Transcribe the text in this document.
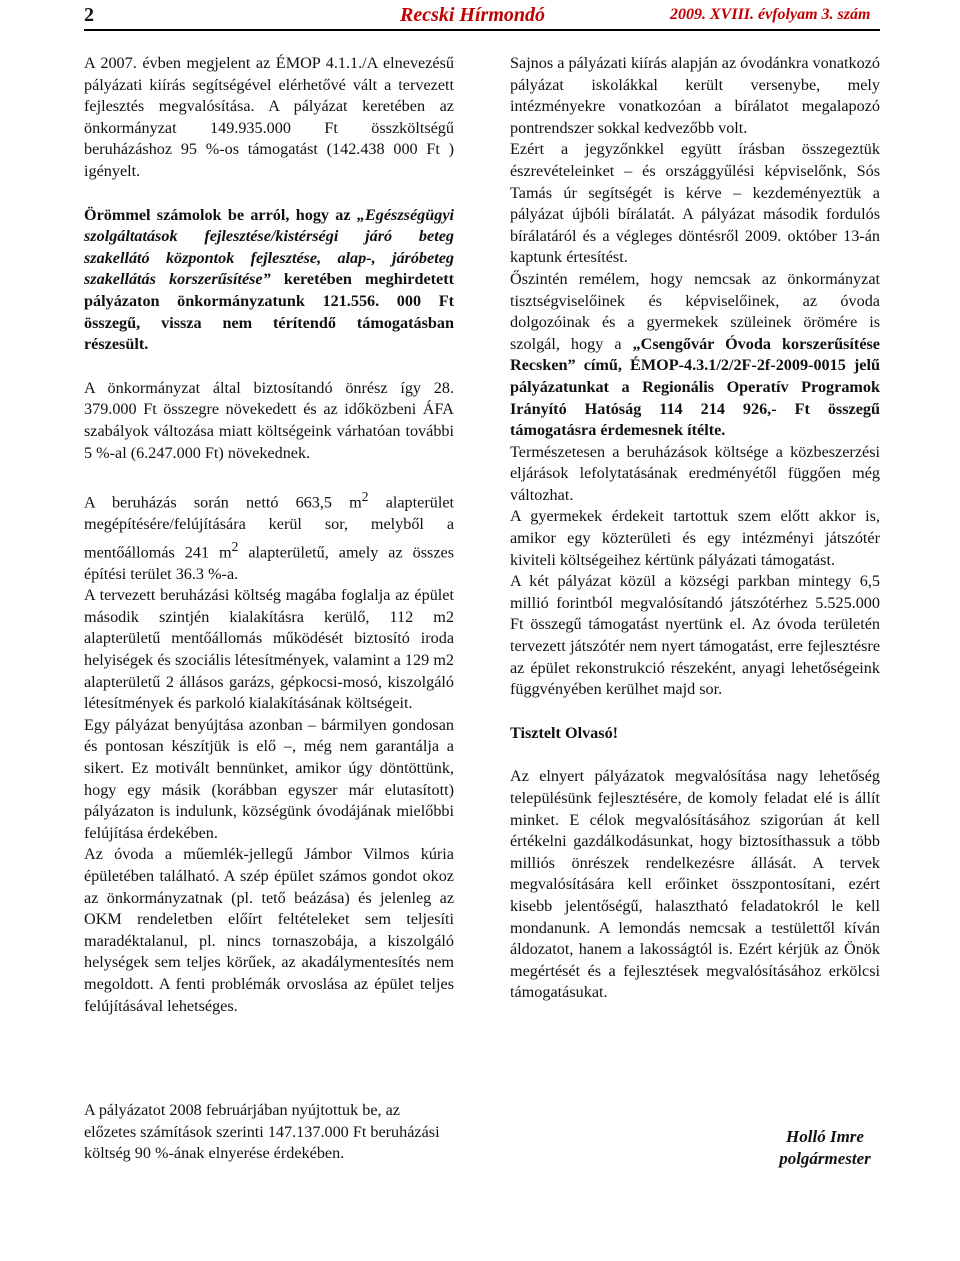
2	Recski Hírmondó	2009. XVIII. évfolyam 3. szám

A 2007. évben megjelent az ÉMOP 4.1.1./A elnevezésű pályázati kiírás segítségével elérhetővé vált a tervezett fejlesztés megvalósítása. A pályázat keretében az önkormányzat 149.935.000 Ft összköltségű beruházáshoz 95 %-os támogatást (142.438 000 Ft ) igényelt.

Örömmel számolok be arról, hogy az „Egészségügyi szolgáltatások fejlesztése/kistérségi járó beteg szakellátó központok fejlesztése, alap-, járóbeteg szakellátás korszerűsítése” keretében meghirdetett pályázaton önkormányzatunk 121.556. 000 Ft összegű, vissza nem térítendő támogatásban részesült.

A önkormányzat által biztosítandó önrész így 28. 379.000 Ft összegre növekedett és az időközbeni ÁFA szabályok változása miatt költségeink várhatóan további 5 %-al (6.247.000 Ft) növekednek.

A beruházás során nettó 663,5 $m^2$ alapterület megépítésére/felújítására kerül sor, melyből a mentőállomás 241 $m^2$ alapterületű, amely az összes építési terület 36.3 %-a.

A tervezett beruházási költség magába foglalja az épület második szintjén kialakításra kerülő, 112 m2 alapterületű mentőállomás működését biztosító iroda helyiségek és szociális létesítmények, valamint a 129 m2 alapterületű 2 állásos garázs, gépkocsi-mosó, kiszolgáló létesítmények és parkoló kialakításának költségeit.

Egy pályázat benyújtása azonban – bármilyen gondosan és pontosan készítjük is elő –, még nem garantálja a sikert. Ez motivált bennünket, amikor úgy döntöttünk, hogy egy másik (korábban egyszer már elutasított) pályázaton is indulunk, községünk óvodájának mielőbbi felújítása érdekében.

Az óvoda a műemlék-jellegű Jámbor Vilmos kúria épületében található. A szép épület számos gondot okoz az önkormányzatnak (pl. tető beázása) és jelenleg az OKM rendeletben előírt feltételeket sem teljesíti maradéktalanul, pl. nincs tornaszobája, a kiszolgáló helységek sem teljes körűek, az akadálymentesítés nem megoldott. A fenti problémák orvoslása az épület teljes felújításával lehetséges.

A pályázatot 2008 februárjában nyújtottuk be, az előzetes számítások szerinti 147.137.000 Ft beruházási költség 90 %-ának elnyerése érdekében.

Sajnos a pályázati kiírás alapján az óvodánkra vonatkozó pályázat iskolákkal került versenybe, mely intézményekre vonatkozóan a bírálatot megalapozó pontrendszer sokkal kedvezőbb volt.

Ezért a jegyzőnkkel együtt írásban összegeztük észrevételeinket – és országgyűlési képviselőnk, Sós Tamás úr segítségét is kérve – kezdeményeztük a pályázat újbóli bírálatát. A pályázat második fordulós bírálatáról és a végleges döntésről 2009. október 13-án kaptunk értesítést.

Őszintén remélem, hogy nemcsak az önkormányzat tisztségviselőinek és képviselőinek, az óvoda dolgozóinak és a gyermekek szüleinek örömére is szolgál, hogy a „Csengővár Óvoda korszerűsítése Recsken” című, ÉMOP-4.3.1/2/2F-2f-2009-0015 jelű pályázatunkat a Regionális Operatív Programok Irányító Hatóság 114 214 926,- Ft összegű támogatásra érdemesnek ítélte.

Természetesen a beruházások költsége a közbeszerzési eljárások lefolytatásának eredményétől függően még változhat.

A gyermekek érdekeit tartottuk szem előtt akkor is, amikor egy közterületi és egy intézményi játszótér kiviteli költségeihez kértünk pályázati támogatást.

A két pályázat közül a községi parkban mintegy 6,5 millió forintból megvalósítandó játszótérhez 5.525.000 Ft összegű támogatást nyertünk el. Az óvoda területén tervezett játszótér nem nyert támogatást, erre fejlesztésre az épület rekonstrukció részeként, anyagi lehetőségeink függvényében kerülhet majd sor.

Tisztelt Olvasó!

Az elnyert pályázatok megvalósítása nagy lehetőség településünk fejlesztésére, de komoly feladat elé is állít minket. E célok megvalósításához szigorúan át kell értékelni gazdálkodásunkat, hogy biztosíthassuk a több milliós önrészek rendelkezésre állását. A tervek megvalósítására kell erőinket összpontosítani, ezért kisebb jelentőségű, halasztható feladatokról le kell mondanunk. A lemondás nemcsak a testülettől kíván áldozatot, hanem a lakosságtól is. Ezért kérjük az Önök megértését és a fejlesztések megvalósításához erkölcsi támogatásukat.

Holló Imre
polgármester
